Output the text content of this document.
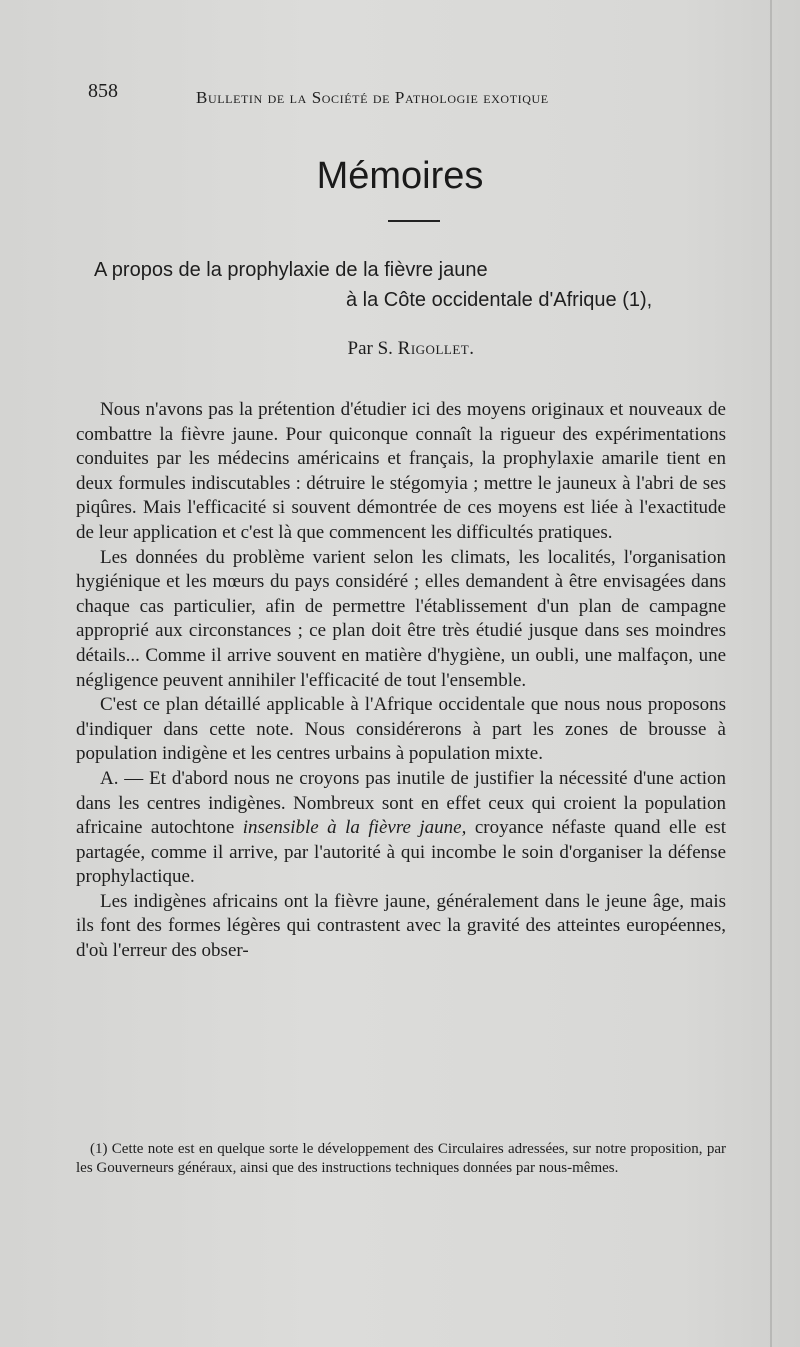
858	Bulletin de la Société de Pathologie exotique
Mémoires
A propos de la prophylaxie de la fièvre jaune
à la Côte occidentale d'Afrique (1),
Par S. Rigollet.

Nous n'avons pas la prétention d'étudier ici des moyens originaux et nouveaux de combattre la fièvre jaune. Pour quiconque connaît la rigueur des expérimentations conduites par les médecins américains et français, la prophylaxie amarile tient en deux formules indiscutables : détruire le stégomyia ; mettre le jauneux à l'abri de ses piqûres. Mais l'efficacité si souvent démontrée de ces moyens est liée à l'exactitude de leur application et c'est là que commencent les difficultés pratiques.

Les données du problème varient selon les climats, les localités, l'organisation hygiénique et les mœurs du pays considéré ; elles demandent à être envisagées dans chaque cas particulier, afin de permettre l'établissement d'un plan de campagne approprié aux circonstances ; ce plan doit être très étudié jusque dans ses moindres détails... Comme il arrive souvent en matière d'hygiène, un oubli, une malfaçon, une négligence peuvent annihiler l'efficacité de tout l'ensemble.

C'est ce plan détaillé applicable à l'Afrique occidentale que nous nous proposons d'indiquer dans cette note. Nous considérerons à part les zones de brousse à population indigène et les centres urbains à population mixte.

A. — Et d'abord nous ne croyons pas inutile de justifier la nécessité d'une action dans les centres indigènes. Nombreux sont en effet ceux qui croient la population africaine autochtone insensible à la fièvre jaune, croyance néfaste quand elle est partagée, comme il arrive, par l'autorité à qui incombe le soin d'organiser la défense prophylactique.

Les indigènes africains ont la fièvre jaune, généralement dans le jeune âge, mais ils font des formes légères qui contrastent avec la gravité des atteintes européennes, d'où l'erreur des obser-

(1) Cette note est en quelque sorte le développement des Circulaires adressées, sur notre proposition, par les Gouverneurs généraux, ainsi que des instructions techniques données par nous-mêmes.
